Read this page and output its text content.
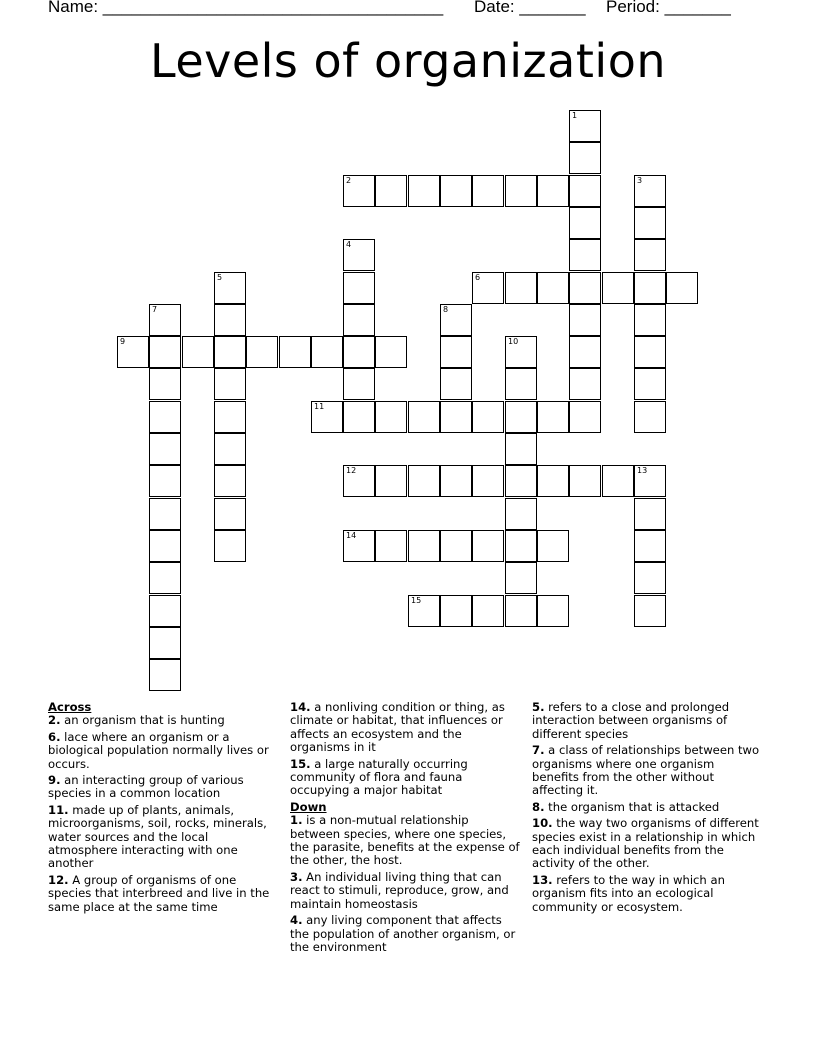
Name: ____________________________________ Date: _______ Period: _______
Levels of organization
1
2	3
4
5	6
7	8
9	10
11
12	13
14
15
Across
2. an organism that is hunting
6. lace where an organism or a biological population normally lives or occurs.
9. an interacting group of various species in a common location
11. made up of plants, animals, microorganisms, soil, rocks, minerals, water sources and the local atmosphere interacting with one another
12. A group of organisms of one species that interbreed and live in the same place at the same time
14. a nonliving condition or thing, as climate or habitat, that influences or affects an ecosystem and the organisms in it
15. a large naturally occurring community of flora and fauna occupying a major habitat
Down
1. is a non-mutual relationship between species, where one species, the parasite, benefits at the expense of the other, the host.
3. An individual living thing that can react to stimuli, reproduce, grow, and maintain homeostasis
4. any living component that affects the population of another organism, or the environment
5. refers to a close and prolonged interaction between organisms of different species
7. a class of relationships between two organisms where one organism benefits from the other without affecting it.
8. the organism that is attacked
10. the way two organisms of different species exist in a relationship in which each individual benefits from the activity of the other.
13. refers to the way in which an organism fits into an ecological community or ecosystem.
